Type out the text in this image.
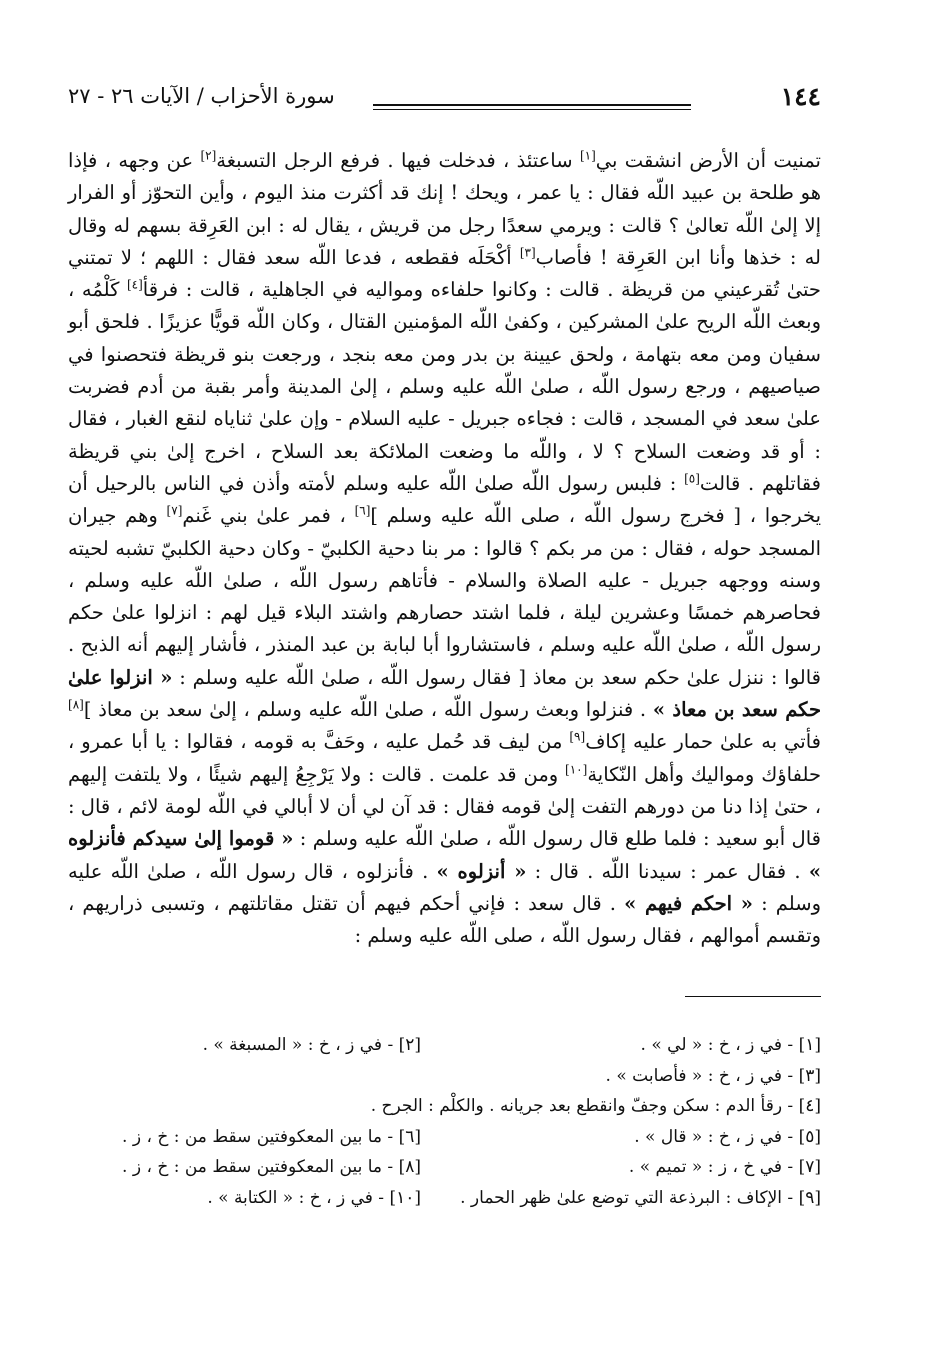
١٤٤
سورة الأحزاب / الآيات ٢٦ - ٢٧

تمنيت أن الأرض انشقت بي[١] ساعتئذ ، فدخلت فيها . فرفع الرجل التسبغة[٢] عن وجهه ، فإذا هو طلحة بن عبيد اللّه فقال : يا عمر ، ويحك ! إنك قد أكثرت منذ اليوم ، وأين التحوّز أو الفرار إلا إلىٰ اللّه تعالىٰ ؟ قالت : ويرمي سعدًا رجل من قريش ، يقال له : ابن العَرِقة بسهم له وقال له : خذها وأنا ابن العَرِقة ! فأصاب[٣] أكْحَلَه فقطعه ، فدعا اللّه سعد فقال : اللهم ؛ لا تمتني حتىٰ تُقرعيني من قريظة . قالت : وكانوا حلفاءه ومواليه في الجاهلية ، قالت : فرقأ[٤] كَلْمُه ، وبعث اللّه الريح علىٰ المشركين ، وكفىٰ اللّه المؤمنين القتال ، وكان اللّه قويًّا عزيزًا . فلحق أبو سفيان ومن معه بتهامة ، ولحق عيينة بن بدر ومن معه بنجد ، ورجعت بنو قريظة فتحصنوا في صياصيهم ، ورجع رسول اللّه ، صلىٰ اللّه عليه وسلم ، إلىٰ المدينة وأمر بقبة من أدم فضربت علىٰ سعد في المسجد ، قالت : فجاءه جبريل - عليه السلام - وإن علىٰ ثناياه لنقع الغبار ، فقال : أو قد وضعت السلاح ؟ لا ، واللّه ما وضعت الملائكة بعد السلاح ، اخرج إلىٰ بني قريظة فقاتلهم . قالت[٥] : فلبس رسول اللّه صلىٰ اللّه عليه وسلم لأمته وأذن في الناس بالرحيل أن يخرجوا ، [ فخرج رسول اللّه ، صلى اللّه عليه وسلم ][٦] ، فمر علىٰ بني غَنم[٧] وهم جيران المسجد حوله ، فقال : من مر بكم ؟ قالوا : مر بنا دحية الكلبيّ - وكان دحية الكلبيّ تشبه لحيته وسنه ووجهه جبريل - عليه الصلاة والسلام - فأتاهم رسول اللّه ، صلىٰ اللّه عليه وسلم ، فحاصرهم خمسًا وعشرين ليلة ، فلما اشتد حصارهم واشتد البلاء قيل لهم : انزلوا علىٰ حكم رسول اللّه ، صلىٰ اللّه عليه وسلم ، فاستشاروا أبا لبابة بن عبد المنذر ، فأشار إليهم أنه الذبح . قالوا : ننزل علىٰ حكم سعد بن معاذ [ فقال رسول اللّه ، صلىٰ اللّه عليه وسلم : « انزلوا علىٰ حكم سعد بن معاذ » . فنزلوا وبعث رسول اللّه ، صلىٰ اللّه عليه وسلم ، إلىٰ سعد بن معاذ ][٨] فأتي به علىٰ حمار عليه إكاف[٩] من ليف قد حُمل عليه ، وحَفَّ به قومه ، فقالوا : يا أبا عمرو ، حلفاؤك ومواليك وأهل النّكاية[١٠] ومن قد علمت . قالت : ولا يَرْجِعُ إليهم شيئًا ، ولا يلتفت إليهم ، حتىٰ إذا دنا من دورهم التفت إلىٰ قومه فقال : قد آن لي أن لا أبالي في اللّه لومة لائم ، قال : قال أبو سعيد : فلما طلع قال رسول اللّه ، صلىٰ اللّه عليه وسلم : « قوموا إلىٰ سيدكم فأنزلوه » . فقال عمر : سيدنا اللّه . قال : « أنزلوه » . فأنزلوه ، قال رسول اللّه ، صلىٰ اللّه عليه وسلم : « احكم فيهم » . قال سعد : فإني أحكم فيهم أن تقتل مقاتلتهم ، وتسبى ذراريهم ، وتقسم أموالهم ، فقال رسول اللّه ، صلى اللّه عليه وسلم :

[١] - في ز ، خ : « لي » .
[٢] - في ز ، خ : « المسبغة » .
[٣] - في ز ، خ : « فأصابت » .
[٤] - رقأ الدم : سكن وجفّ وانقطع بعد جريانه . والكلْم : الجرح .
[٥] - في ز ، خ : « قال » .
[٦] - ما بين المعكوفتين سقط من : خ ، ز .
[٧] - في خ ، ز : « تميم » .
[٨] - ما بين المعكوفتين سقط من : خ ، ز .
[٩] - الإكاف : البرذعة التي توضع علىٰ ظهر الحمار .
[١٠] - في ز ، خ : « الكتابة » .
